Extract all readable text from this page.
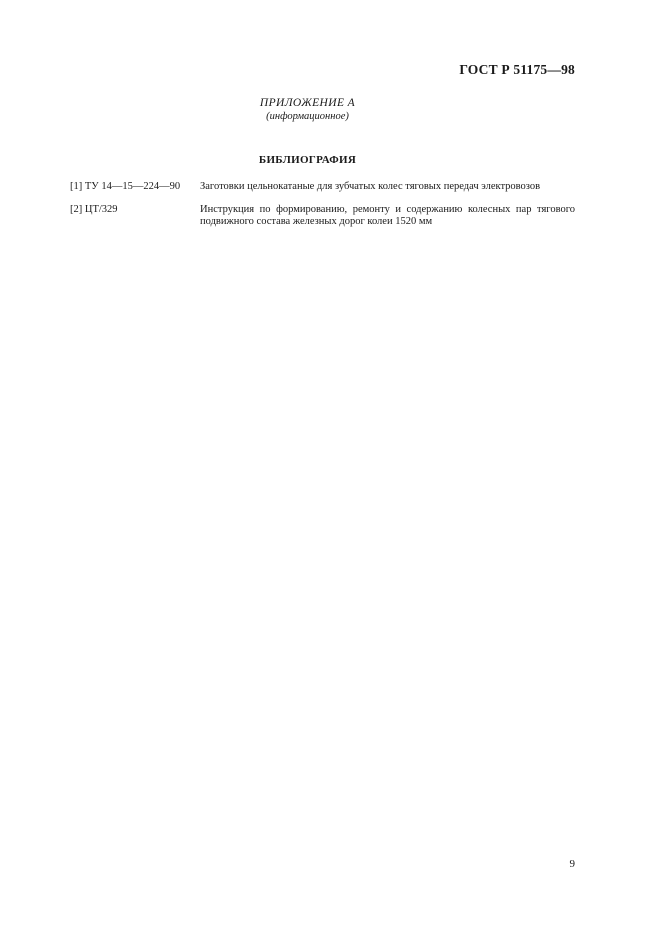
ГОСТ Р 51175—98
ПРИЛОЖЕНИЕ А
(информационное)
БИБЛИОГРАФИЯ
[1] ТУ 14—15—224—90	Заготовки цельнокатаные для зубчатых колес тяговых передач электровозов
[2] ЦТ/329	Инструкция по формированию, ремонту и содержанию колесных пар тягового подвижного состава железных дорог колеи 1520 мм
9
